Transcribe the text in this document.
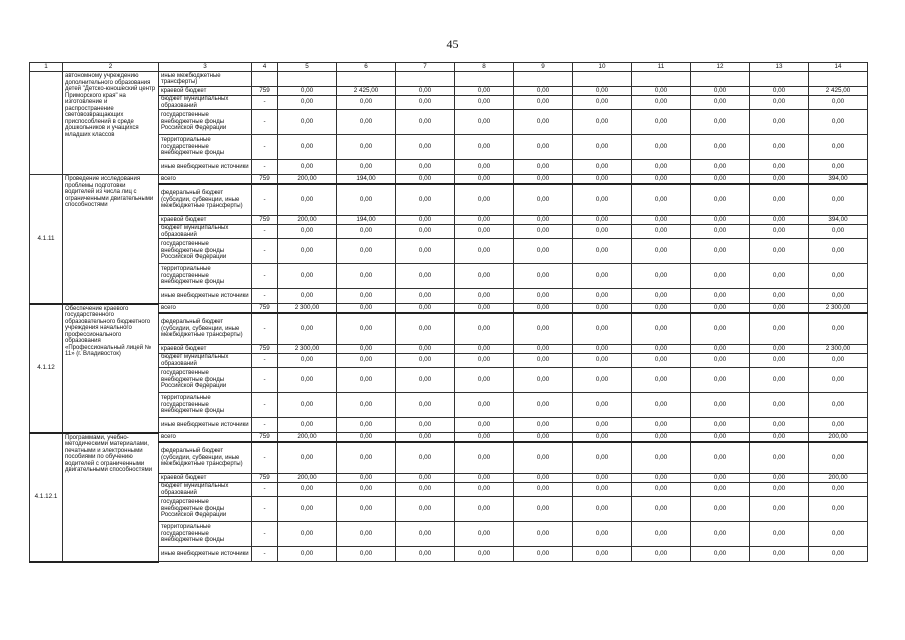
45
1	2	3	4	5	6	7	8	9	10	11	12	13	14
	автономному учреждению дополнительного образования детей "Детско-юношеский центр Приморского края" на изготовление и распространение световозвращающих приспособлений в среде дошкольников и учащихся младших классов	иные межбюджетные трансферты)											
		краевой бюджет	759	0,00	2 425,00	0,00	0,00	0,00	0,00	0,00	0,00	0,00	2 425,00
		бюджет муниципальных образований	-	0,00	0,00	0,00	0,00	0,00	0,00	0,00	0,00	0,00	0,00
		государственные внебюджетные фонды Российской Федерации	-	0,00	0,00	0,00	0,00	0,00	0,00	0,00	0,00	0,00	0,00
		территориальные государственные внебюджетные фонды	-	0,00	0,00	0,00	0,00	0,00	0,00	0,00	0,00	0,00	0,00
		иные внебюджетные источники	-	0,00	0,00	0,00	0,00	0,00	0,00	0,00	0,00	0,00	0,00
4.1.11	Проведение исследования проблемы подготовки водителей из числа лиц с ограниченными двигательными способностями	всего	759	200,00	194,00	0,00	0,00	0,00	0,00	0,00	0,00	0,00	394,00
		федеральный бюджет (субсидии, субвенции, иные межбюджетные трансферты)	-	0,00	0,00	0,00	0,00	0,00	0,00	0,00	0,00	0,00	0,00
		краевой бюджет	759	200,00	194,00	0,00	0,00	0,00	0,00	0,00	0,00	0,00	394,00
		бюджет муниципальных образований	-	0,00	0,00	0,00	0,00	0,00	0,00	0,00	0,00	0,00	0,00
		государственные внебюджетные фонды Российской Федерации	-	0,00	0,00	0,00	0,00	0,00	0,00	0,00	0,00	0,00	0,00
		территориальные государственные внебюджетные фонды	-	0,00	0,00	0,00	0,00	0,00	0,00	0,00	0,00	0,00	0,00
		иные внебюджетные источники	-	0,00	0,00	0,00	0,00	0,00	0,00	0,00	0,00	0,00	0,00
4.1.12	Обеспечение краевого государственного образовательного бюджетного учреждения начального профессионального образования «Профессиональный лицей № 11» (г. Владивосток)	всего	759	2 300,00	0,00	0,00	0,00	0,00	0,00	0,00	0,00	0,00	2 300,00
		федеральный бюджет (субсидии, субвенции, иные межбюджетные трансферты)	-	0,00	0,00	0,00	0,00	0,00	0,00	0,00	0,00	0,00	0,00
		краевой бюджет	759	2 300,00	0,00	0,00	0,00	0,00	0,00	0,00	0,00	0,00	2 300,00
		бюджет муниципальных образований	-	0,00	0,00	0,00	0,00	0,00	0,00	0,00	0,00	0,00	0,00
		государственные внебюджетные фонды Российской Федерации	-	0,00	0,00	0,00	0,00	0,00	0,00	0,00	0,00	0,00	0,00
		территориальные государственные внебюджетные фонды	-	0,00	0,00	0,00	0,00	0,00	0,00	0,00	0,00	0,00	0,00
		иные внебюджетные источники	-	0,00	0,00	0,00	0,00	0,00	0,00	0,00	0,00	0,00	0,00
4.1.12.1	Программами, учебно-методическими материалами, печатными и электронными пособиями по обучению водителей с ограниченными двигательными способностями	всего	759	200,00	0,00	0,00	0,00	0,00	0,00	0,00	0,00	0,00	200,00
		федеральный бюджет (субсидии, субвенции, иные межбюджетные трансферты)	-	0,00	0,00	0,00	0,00	0,00	0,00	0,00	0,00	0,00	0,00
		краевой бюджет	759	200,00	0,00	0,00	0,00	0,00	0,00	0,00	0,00	0,00	200,00
		бюджет муниципальных образований	-	0,00	0,00	0,00	0,00	0,00	0,00	0,00	0,00	0,00	0,00
		государственные внебюджетные фонды Российской Федерации	-	0,00	0,00	0,00	0,00	0,00	0,00	0,00	0,00	0,00	0,00
		территориальные государственные внебюджетные фонды	-	0,00	0,00	0,00	0,00	0,00	0,00	0,00	0,00	0,00	0,00
		иные внебюджетные источники	-	0,00	0,00	0,00	0,00	0,00	0,00	0,00	0,00	0,00	0,00
